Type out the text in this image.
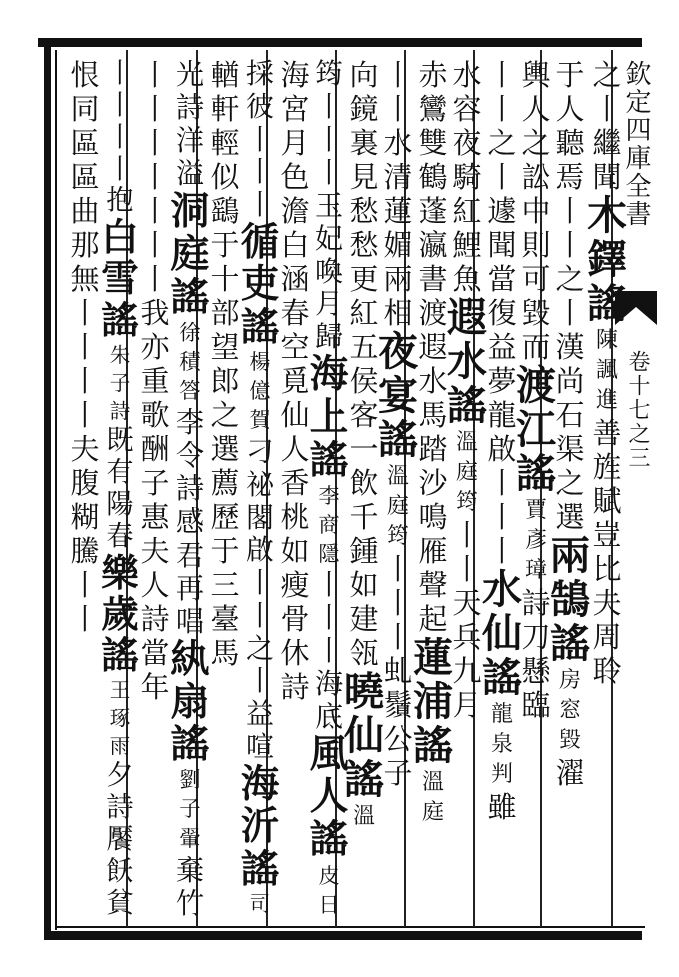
欽定四庫全書
卷十七之三
之
丨
繼
聞
木
鐸
謠
陳
諷
進
善
旌
賦
豈
比
夫
周
聆
于
人
聽
焉
丨
丨
之
丨
漢
尚
石
渠
之
選
兩
鵠
謠
房
窓
毀
濯
輿
人
之
訟
中
則
可
毀
而
渡
江
謠
賈
彥
璋
詩
刀
懸
臨
丨
丨
之
丨
遽
聞
當
復
益
夢
龍
啟
丨
丨
丨
水
仙
謠
龍
泉
判
雖
水
容
夜
騎
紅
鯉
魚
遐
水
謠
溫
庭
筠
丨
丨
天
兵
九
月
赤
鸞
雙
鶴
蓬
瀛
書
渡
遐
水
馬
踏
沙
鳴
雁
聲
起
蓮
浦
謠
溫
庭
丨
丨
水
清
蓮
媚
兩
相
夜
宴
謠
溫
庭
筠
丨
丨
丨
虬
鬚
公
子
向
鏡
裏
見
愁
愁
更
紅
五
侯
客
一
飲
千
鍾
如
建
瓴
曉
仙
謠
溫
筠
丨
丨
丨
玉
妃
喚
月
歸
海
上
謠
李
商
隱
丨
丨
丨
海
底
風
人
謠
皮
日
海
宮
月
色
澹
白
涵
春
空
覓
仙
人
香
桃
如
瘦
骨
休
詩
採
彼
丨
丨
丨
循
吏
謠
楊
億
賀
刁
祕
閣
啟
丨
丨
之
丨
益
喧
海
沂
謠
司
輶
軒
輕
似
鷂
于
十
部
望
郎
之
選
薦
歷
于
三
臺
馬
光
詩
洋
溢
洞
庭
謠
徐
積
答
李
令
詩
感
君
再
唱
紈
扇
謠
劉
子
翬
棄
竹
丨
丨
丨
丨
丨
丨
丨
我
亦
重
歌
酬
子
惠
夫
人
詩
當
年
丨
丨
丨
丨
抱
白
雪
謠
朱
子
詩
既
有
陽
春
樂
歲
謠
王
琢
雨
夕
詩
饜
飫
貧
恨
同
區
區
曲
那
無
丨
丨
丨
丨
夫
腹
糊
騰
丨
丨
